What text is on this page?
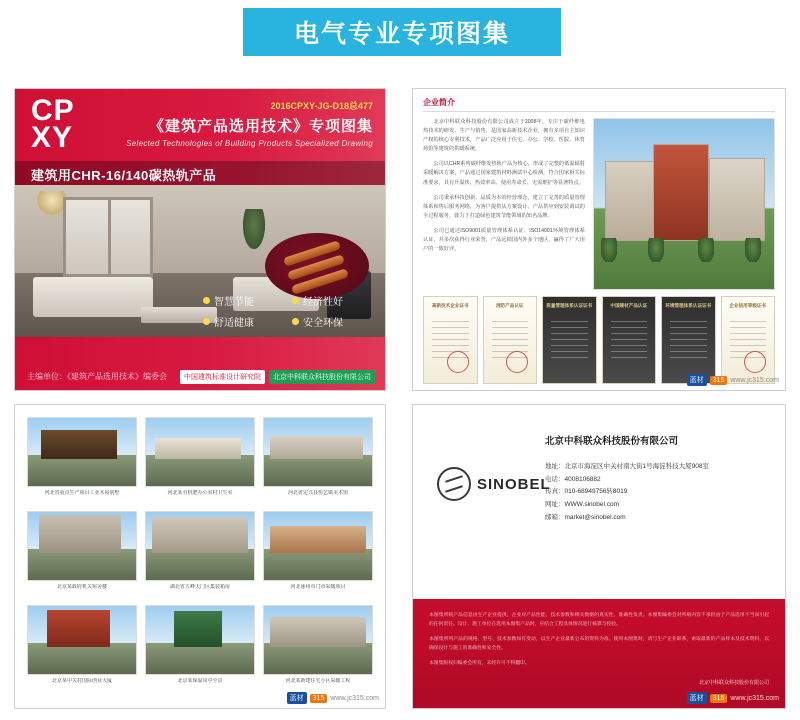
电气专业专项图集
CP
XY
2016CPXY-JG-D18总477
《建筑产品选用技术》专项图集
Selected Technologies of Building Products Specialized Drawing
建筑用CHR-16/140碳热轨产品
智慧节能	经济性好
舒适健康	安全环保
主编单位：《建筑产品选用技术》编委会	中国建筑标准设计研究院	北京中科联众科技股份有限公司
企业简介

北京中科联众科技股份有限公司成立于2008年，专注于碳纤维电热技术的研发、生产与销售，是国家高新技术企业，拥有多项自主知识产权的核心专利技术，产品广泛应用于住宅、办公、学校、医院、体育场馆等建筑的供暖系统。

公司以CHR系列碳纤维发热轨产品为核心，形成了完整的低温辐射采暖解决方案，产品通过国家建筑材料测试中心检测，符合国家相关标准要求，具有升温快、热效率高、使用寿命长、无需维护等显著特点。

公司秉承科技创新、品质为本的经营理念，建立了完善的质量管理体系和售后服务网络，为客户提供从方案设计、产品供应到安装调试的全过程服务，致力于打造绿色建筑节能领域的知名品牌。

公司已通过ISO9001质量管理体系认证、ISO14001环境管理体系认证，并多次获得行业荣誉，产品远销国内外多个地区，赢得了广大用户的一致好评。

高新技术企业证书	消防产品认证	质量管理体系认证证书	中国建材产品认证	环境管理体系认证证书	企业信用等级证书
蓝材	315 www.jc315.com
河北省重点生产项目工业木屋别墅	河北某有机肥办公室村卫生室	河北省定兴县恒艺镇美术馆
北京某政府机关宿舍楼	湖北省五峰天门区集装箱房	河北涿州市门市采暖项目
北京某中关村国际创业大厦	北京某保温岗亭全景	河北某新建住宅小区采暖工程
蓝材	315 www.jc315.com
北京中科联众科技股份有限公司
SINOBEL
地址：北京市海淀区中关村南大街1号海淀科技大厦908室
电话：4008106882
传真：010-68949756转8019
网址：WWW.sinobel.com
邮箱：market@sinobel.com

本图集所载产品信息由生产企业提供，企业对产品性能、技术参数和相关数据的真实性、准确性负责。本图集编委会对所载内容不承担由于产品选用不当而引起的任何责任。设计、施工单位在选用本图集产品时，应结合工程具体情况进行核算与校验。

本图集所列产品的规格、型号、技术参数如有变动，以生产企业最新公布的资料为准。使用本图集时，请与生产企业联系，索取最新的产品样本及技术资料，以确保设计与施工的准确性和安全性。

本图集版权归编委会所有，未经许可不得翻印。

北京中科联众科技股份有限公司
蓝材	315 www.jc315.com
